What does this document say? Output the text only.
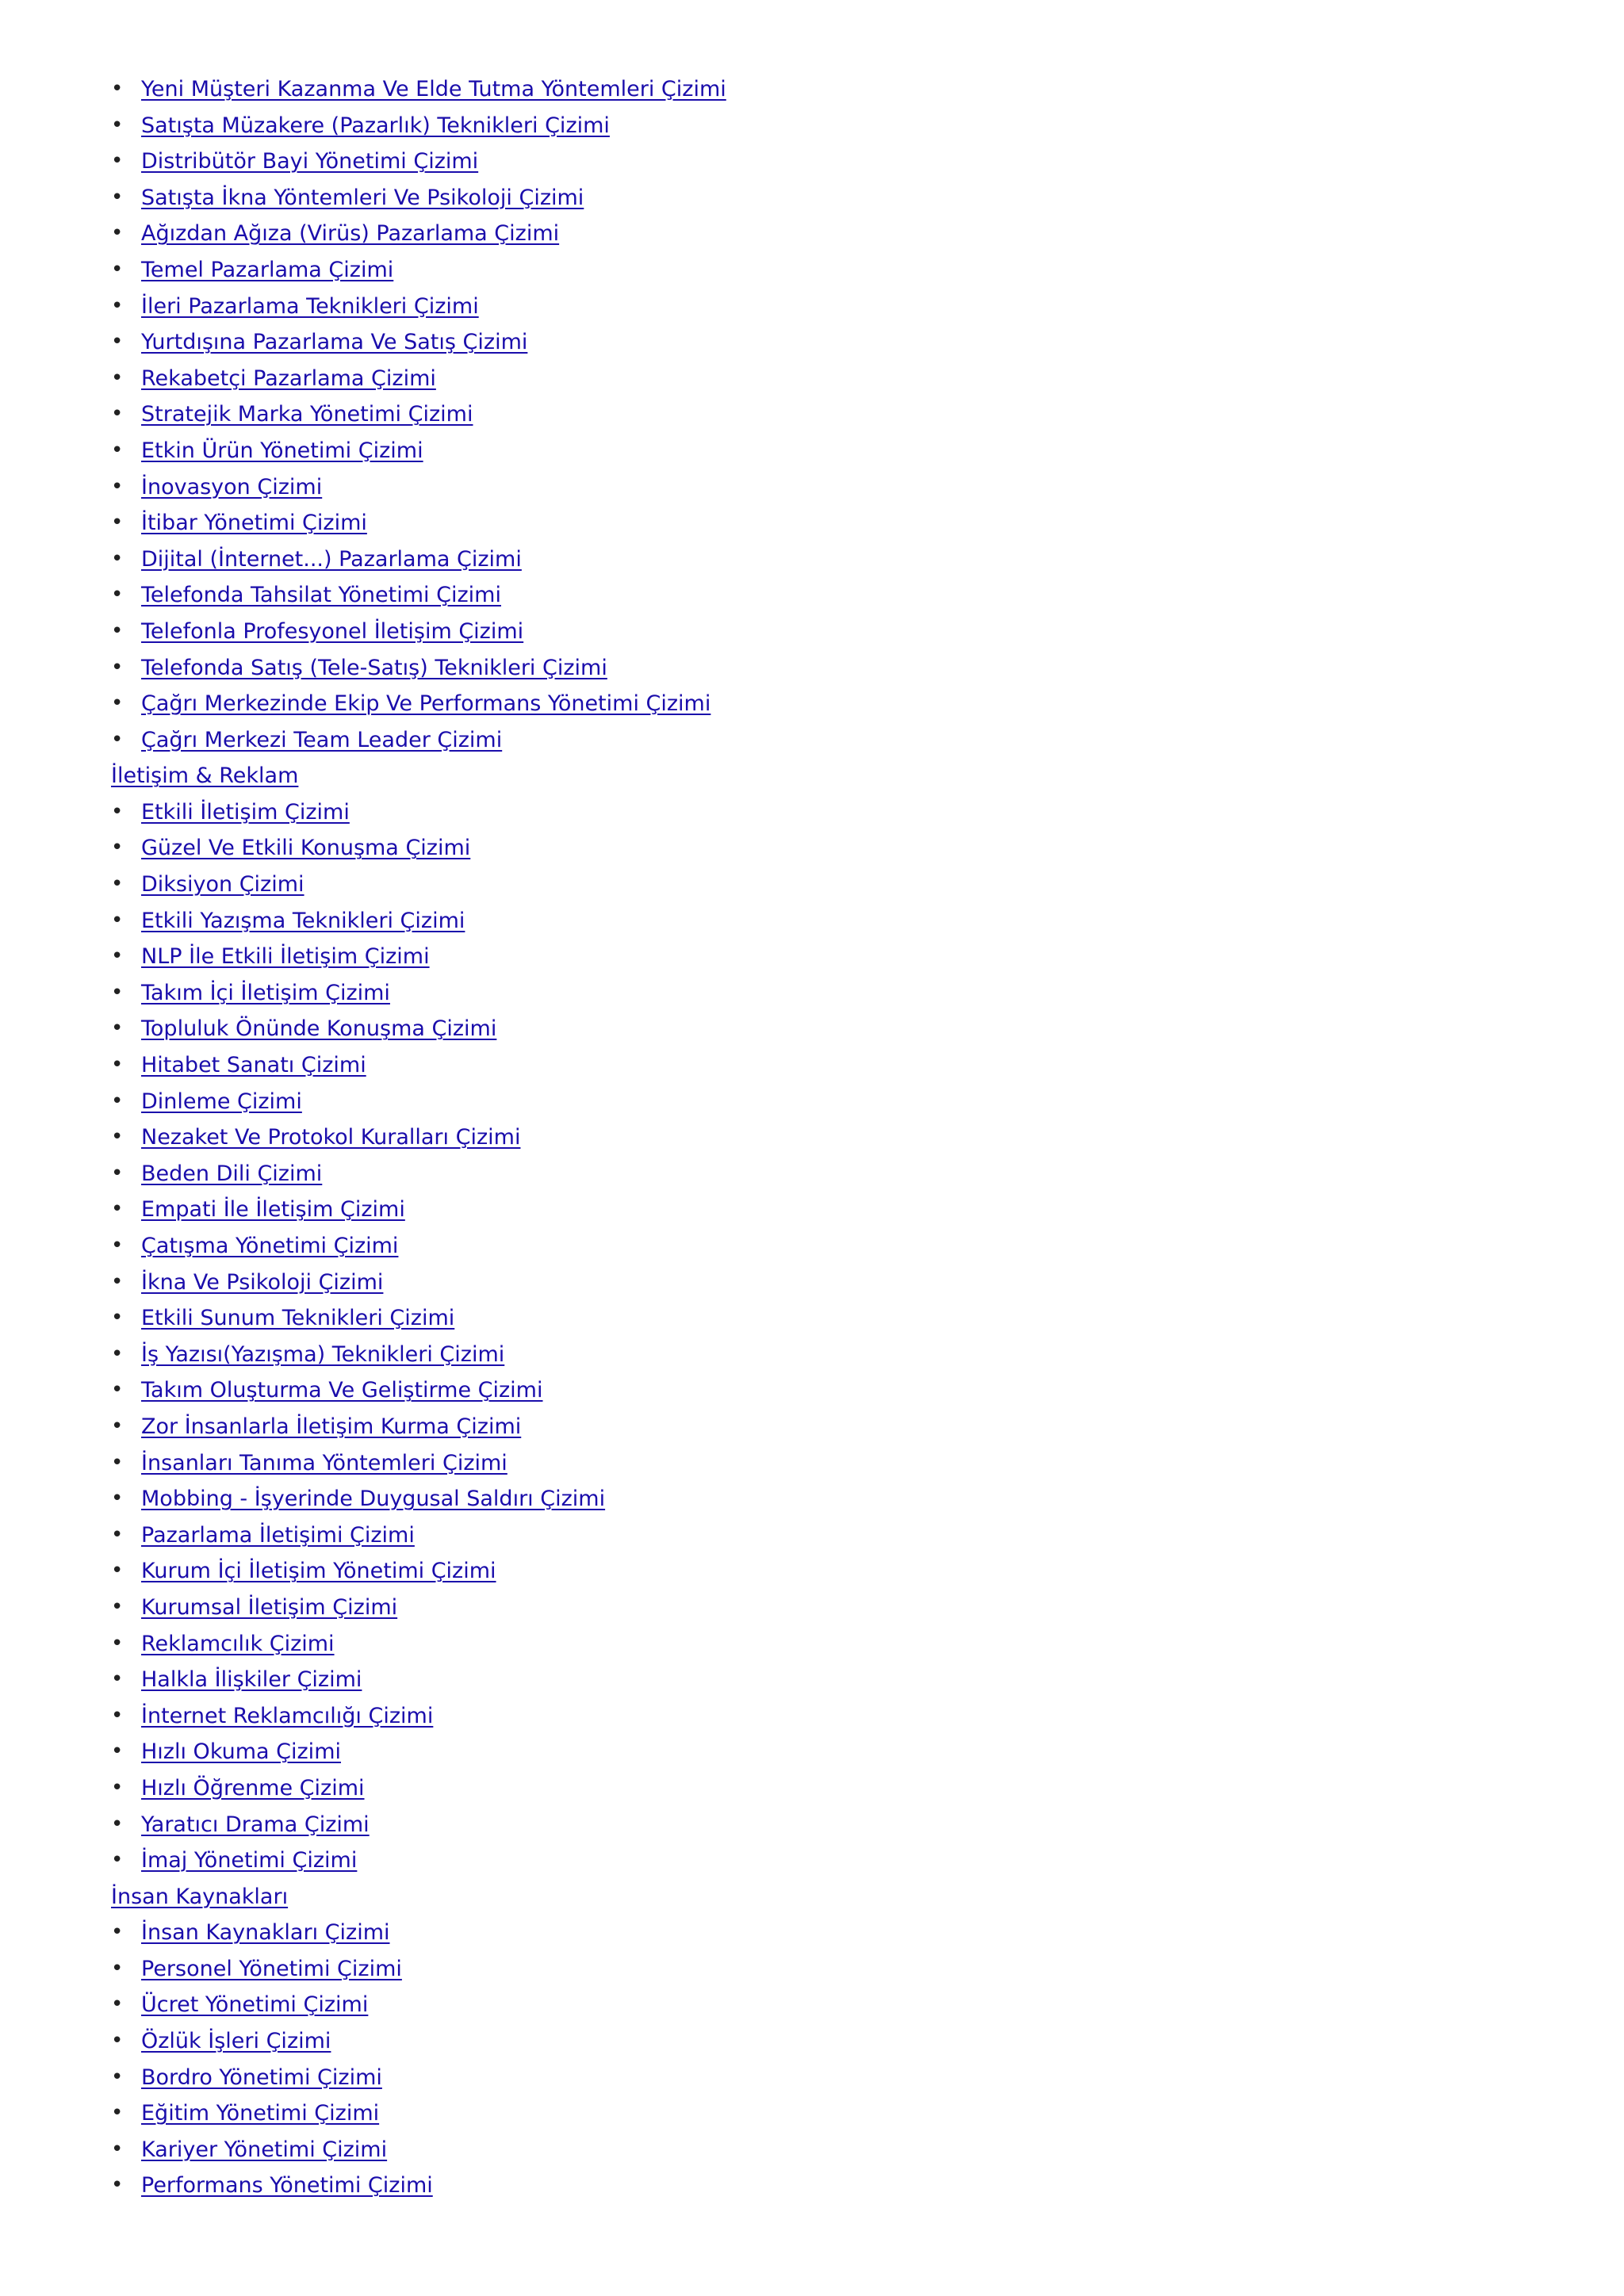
• Yeni Müşteri Kazanma Ve Elde Tutma Yöntemleri Çizimi
• Satışta Müzakere (Pazarlık) Teknikleri Çizimi
• Distribütör Bayi Yönetimi Çizimi
• Satışta İkna Yöntemleri Ve Psikoloji Çizimi
• Ağızdan Ağıza (Virüs) Pazarlama Çizimi
• Temel Pazarlama Çizimi
• İleri Pazarlama Teknikleri Çizimi
• Yurtdışına Pazarlama Ve Satış Çizimi
• Rekabetçi Pazarlama Çizimi
• Stratejik Marka Yönetimi Çizimi
• Etkin Ürün Yönetimi Çizimi
• İnovasyon Çizimi
• İtibar Yönetimi Çizimi
• Dijital (İnternet...) Pazarlama Çizimi
• Telefonda Tahsilat Yönetimi Çizimi
• Telefonla Profesyonel İletişim Çizimi
• Telefonda Satış (Tele-Satış) Teknikleri Çizimi
• Çağrı Merkezinde Ekip Ve Performans Yönetimi Çizimi
• Çağrı Merkezi Team Leader Çizimi
İletişim & Reklam
• Etkili İletişim Çizimi
• Güzel Ve Etkili Konuşma Çizimi
• Diksiyon Çizimi
• Etkili Yazışma Teknikleri Çizimi
• NLP İle Etkili İletişim Çizimi
• Takım İçi İletişim Çizimi
• Topluluk Önünde Konuşma Çizimi
• Hitabet Sanatı Çizimi
• Dinleme Çizimi
• Nezaket Ve Protokol Kuralları Çizimi
• Beden Dili Çizimi
• Empati İle İletişim Çizimi
• Çatışma Yönetimi Çizimi
• İkna Ve Psikoloji Çizimi
• Etkili Sunum Teknikleri Çizimi
• İş Yazısı(Yazışma) Teknikleri Çizimi
• Takım Oluşturma Ve Geliştirme Çizimi
• Zor İnsanlarla İletişim Kurma Çizimi
• İnsanları Tanıma Yöntemleri Çizimi
• Mobbing - İşyerinde Duygusal Saldırı Çizimi
• Pazarlama İletişimi Çizimi
• Kurum İçi İletişim Yönetimi Çizimi
• Kurumsal İletişim Çizimi
• Reklamcılık Çizimi
• Halkla İlişkiler Çizimi
• İnternet Reklamcılığı Çizimi
• Hızlı Okuma Çizimi
• Hızlı Öğrenme Çizimi
• Yaratıcı Drama Çizimi
• İmaj Yönetimi Çizimi
İnsan Kaynakları
• İnsan Kaynakları Çizimi
• Personel Yönetimi Çizimi
• Ücret Yönetimi Çizimi
• Özlük İşleri Çizimi
• Bordro Yönetimi Çizimi
• Eğitim Yönetimi Çizimi
• Kariyer Yönetimi Çizimi
• Performans Yönetimi Çizimi
